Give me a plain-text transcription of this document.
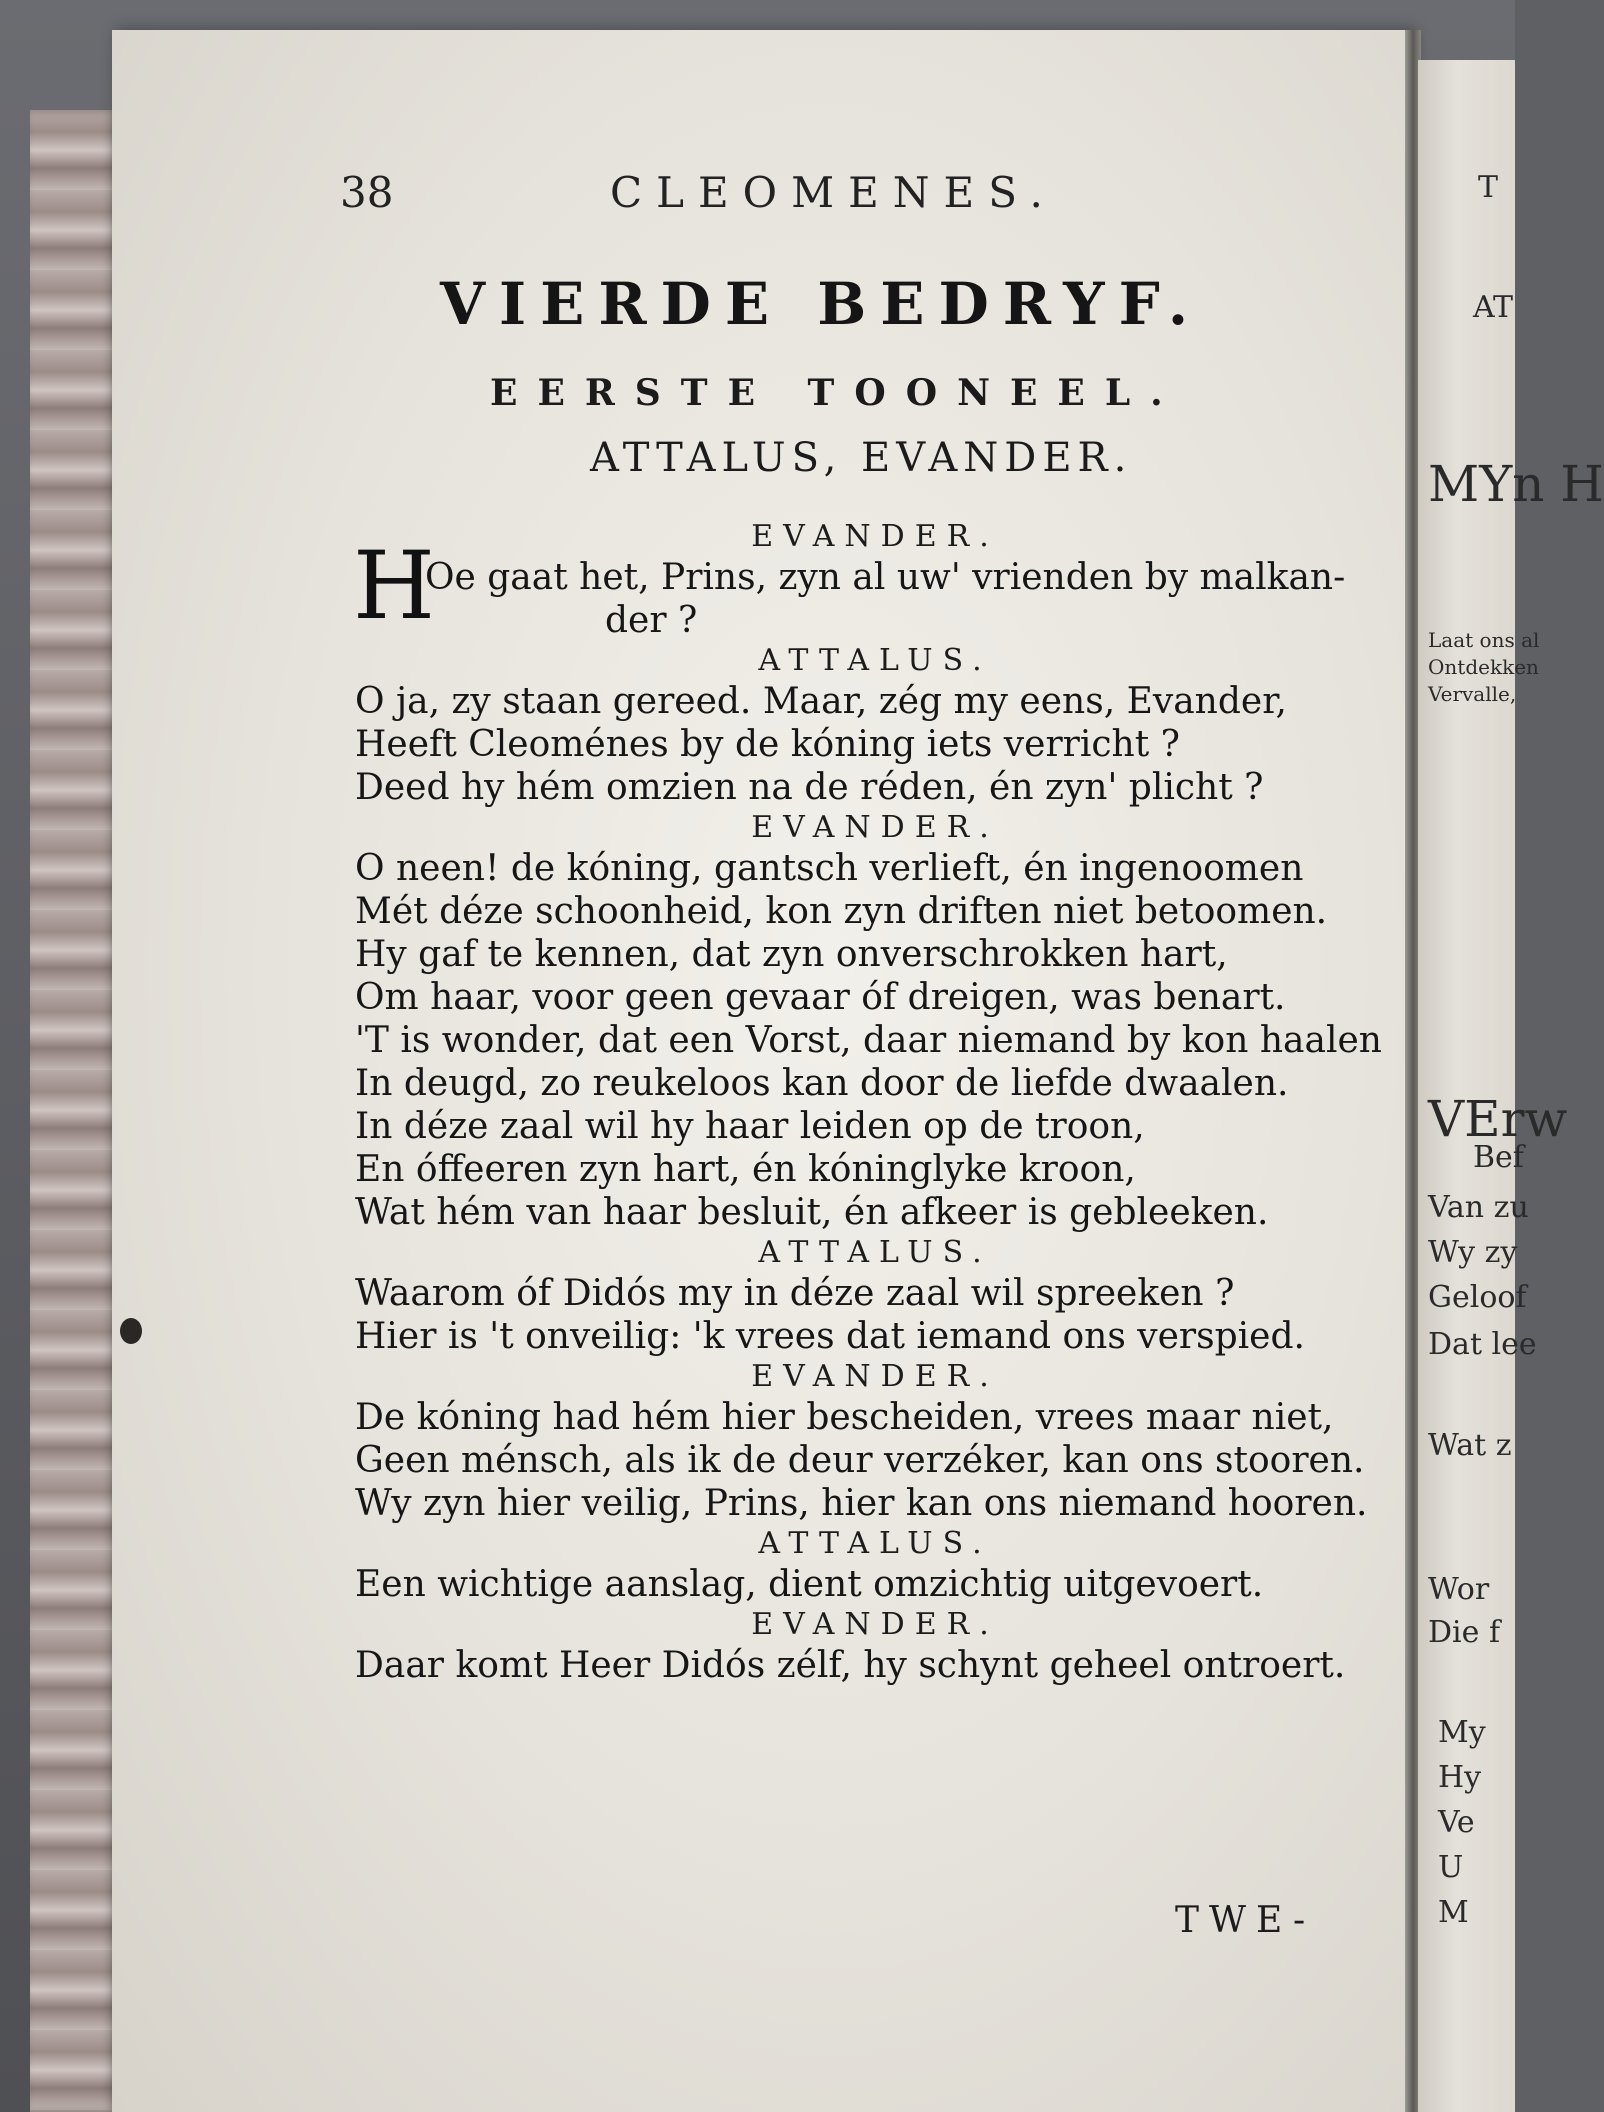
38	CLEOMENES.
VIERDE BEDRYF.
EERSTE TOONEEL.
ATTALUS, EVANDER.
EVANDER.
H
Oe gaat het, Prins, zyn al uw' vrienden by malkan-
der ?
ATTALUS.
O ja, zy staan gereed. Maar, zég my eens, Evander,
Heeft Cleoménes by de kóning iets verricht ?
Deed hy hém omzien na de réden, én zyn' plicht ?
EVANDER.
O neen! de kóning, gantsch verlieft, én ingenoomen
Mét déze schoonheid, kon zyn driften niet betoomen.
Hy gaf te kennen, dat zyn onverschrokken hart,
Om haar, voor geen gevaar óf dreigen, was benart.
'T is wonder, dat een Vorst, daar niemand by kon haalen
In deugd, zo reukeloos kan door de liefde dwaalen.
In déze zaal wil hy haar leiden op de troon,
En óffeeren zyn hart, én kóninglyke kroon,
Wat hém van haar besluit, én afkeer is gebleeken.
ATTALUS.
Waarom óf Didós my in déze zaal wil spreeken ?
Hier is 't onveilig: 'k vrees dat iemand ons verspied.
EVANDER.
De kóning had hém hier bescheiden, vrees maar niet,
Geen ménsch, als ik de deur verzéker, kan ons stooren.
Wy zyn hier veilig, Prins, hier kan ons niemand hooren.
ATTALUS.
Een wichtige aanslag, dient omzichtig uitgevoert.
EVANDER.
Daar komt Heer Didós zélf, hy schynt geheel ontroert.
TWE-
T
AT
MYn H
Laat ons al
Ontdekken
Vervalle,
VErw
Bef
Van zu
Wy zy
Geloof
Dat lee
Wat z
Wor
Die f
My
Hy
Ve
U
M
